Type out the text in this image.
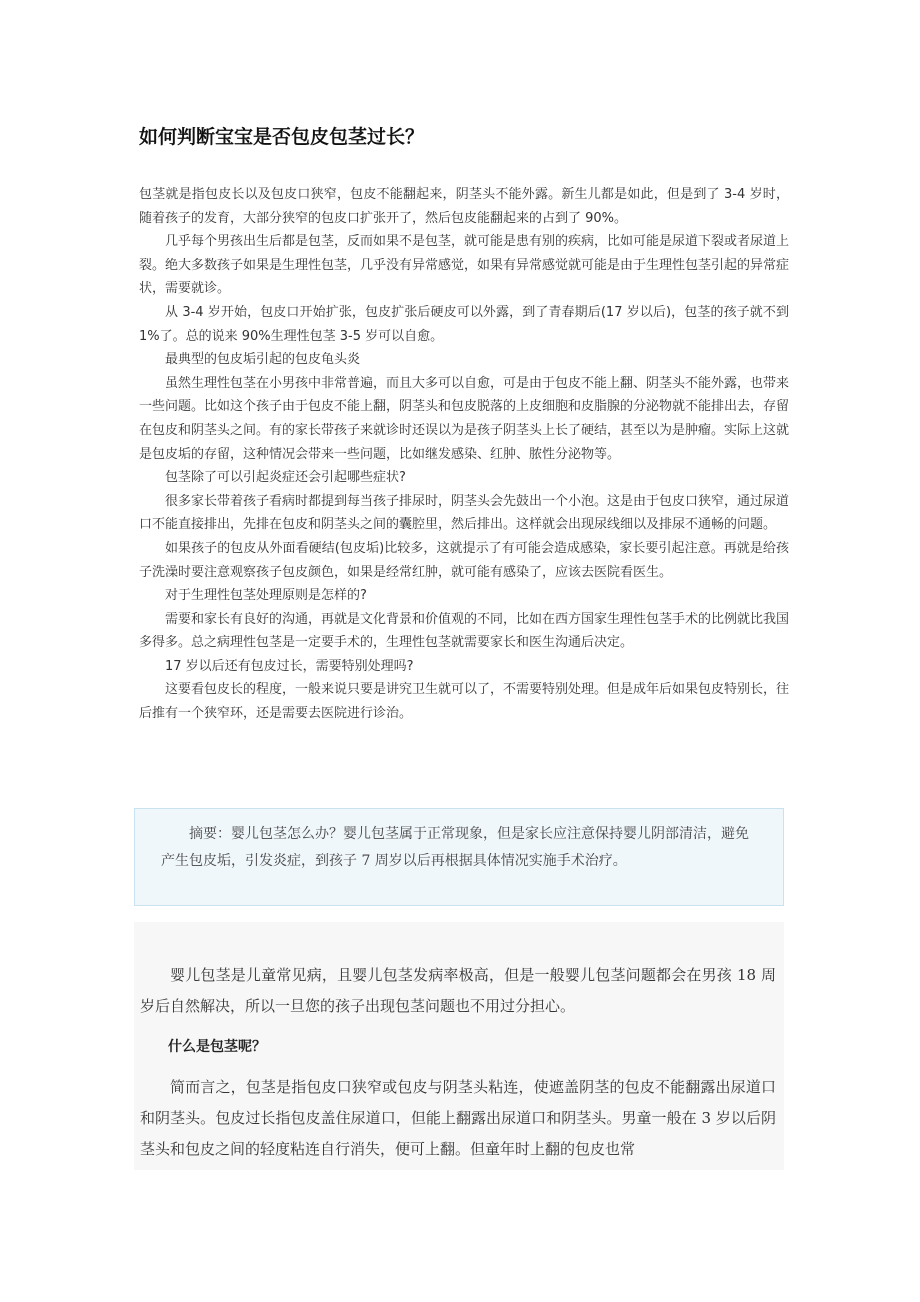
如何判断宝宝是否包皮包茎过长？

包茎就是指包皮长以及包皮口狭窄，包皮不能翻起来，阴茎头不能外露。新生儿都是如此，但是到了 3-4 岁时，随着孩子的发育，大部分狭窄的包皮口扩张开了，然后包皮能翻起来的占到了 90%。

几乎每个男孩出生后都是包茎，反而如果不是包茎，就可能是患有别的疾病，比如可能是尿道下裂或者尿道上裂。绝大多数孩子如果是生理性包茎，几乎没有异常感觉，如果有异常感觉就可能是由于生理性包茎引起的异常症状，需要就诊。

从 3-4 岁开始，包皮口开始扩张，包皮扩张后硬皮可以外露，到了青春期后(17 岁以后)，包茎的孩子就不到 1%了。总的说来 90%生理性包茎 3-5 岁可以自愈。

最典型的包皮垢引起的包皮龟头炎

虽然生理性包茎在小男孩中非常普遍，而且大多可以自愈，可是由于包皮不能上翻、阴茎头不能外露，也带来一些问题。比如这个孩子由于包皮不能上翻，阴茎头和包皮脱落的上皮细胞和皮脂腺的分泌物就不能排出去，存留在包皮和阴茎头之间。有的家长带孩子来就诊时还误以为是孩子阴茎头上长了硬结，甚至以为是肿瘤。实际上这就是包皮垢的存留，这种情况会带来一些问题，比如继发感染、红肿、脓性分泌物等。

包茎除了可以引起炎症还会引起哪些症状?

很多家长带着孩子看病时都提到每当孩子排尿时，阴茎头会先鼓出一个小泡。这是由于包皮口狭窄，通过尿道口不能直接排出，先排在包皮和阴茎头之间的囊腔里，然后排出。这样就会出现尿线细以及排尿不通畅的问题。

如果孩子的包皮从外面看硬结(包皮垢)比较多，这就提示了有可能会造成感染，家长要引起注意。再就是给孩子洗澡时要注意观察孩子包皮颜色，如果是经常红肿，就可能有感染了，应该去医院看医生。

对于生理性包茎处理原则是怎样的?

需要和家长有良好的沟通，再就是文化背景和价值观的不同，比如在西方国家生理性包茎手术的比例就比我国多得多。总之病理性包茎是一定要手术的，生理性包茎就需要家长和医生沟通后决定。

17 岁以后还有包皮过长，需要特别处理吗?

这要看包皮长的程度，一般来说只要是讲究卫生就可以了，不需要特别处理。但是成年后如果包皮特别长，往后推有一个狭窄环，还是需要去医院进行诊治。

摘要：婴儿包茎怎么办？婴儿包茎属于正常现象，但是家长应注意保持婴儿阴部清洁，避免产生包皮垢，引发炎症，到孩子 7 周岁以后再根据具体情况实施手术治疗。

婴儿包茎是儿童常见病，且婴儿包茎发病率极高，但是一般婴儿包茎问题都会在男孩 18 周岁后自然解决，所以一旦您的孩子出现包茎问题也不用过分担心。

什么是包茎呢？

简而言之，包茎是指包皮口狭窄或包皮与阴茎头粘连，使遮盖阴茎的包皮不能翻露出尿道口和阴茎头。包皮过长指包皮盖住尿道口，但能上翻露出尿道口和阴茎头。男童一般在 3 岁以后阴茎头和包皮之间的轻度粘连自行消失，便可上翻。但童年时上翻的包皮也常
